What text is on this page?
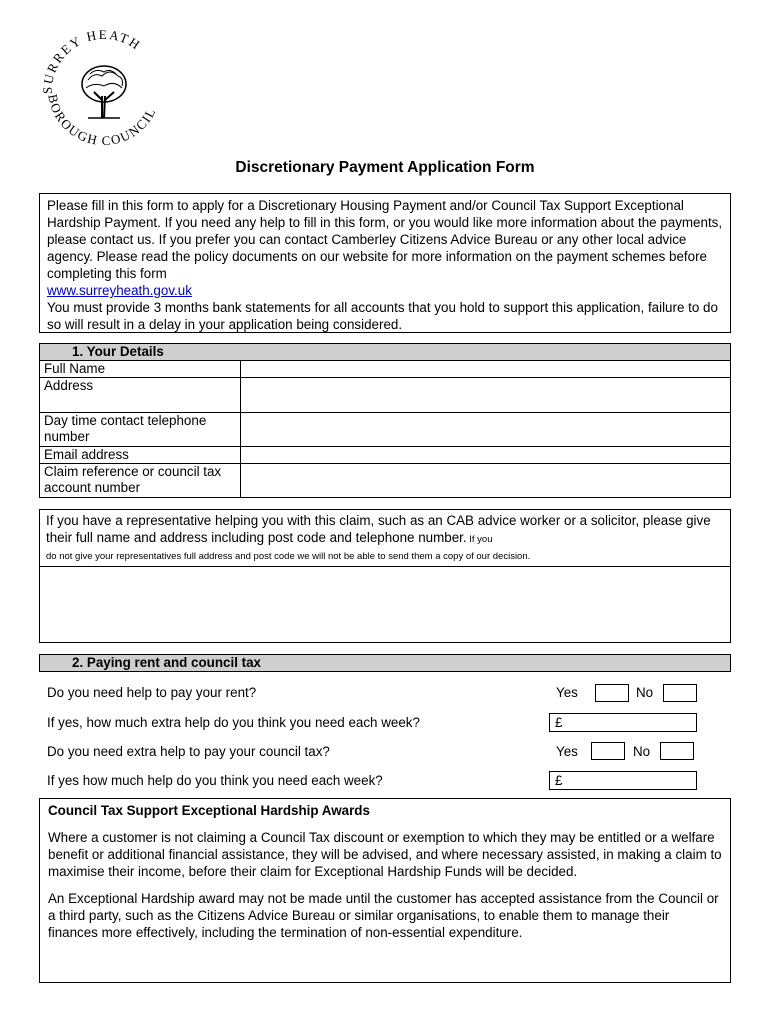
SURREY HEATH
BOROUGH COUNCIL
Discretionary Payment Application Form
Please fill in this form to apply for a Discretionary Housing Payment and/or Council Tax Support Exceptional Hardship Payment. If you need any help to fill in this form, or you would like more information about the payments, please contact us. If you prefer you can contact Camberley Citizens Advice Bureau or any other local advice agency. Please read the policy documents on our website for more information on the payment schemes before completing this form
www.surreyheath.gov.uk
You must provide 3 months bank statements for all accounts that you hold to support this application, failure to do so will result in a delay in your application being considered.
1. Your Details	
Full Name	
Address	
Day time contact telephone number	
Email address	
Claim reference or council tax account number	
If you have a representative helping you with this claim, such as an CAB advice worker or a solicitor, please give their full name and address including post code and telephone number. If you
do not give your representatives full address and post code we will not be able to send them a copy of our decision.
2. Paying rent and council tax
Do you need help to pay your rent?	Yes	No
If yes, how much extra help do you think you need each week?	£
Do you need extra help to pay your council tax?	Yes	No
If yes how much help do you think you need each week?	£

Council Tax Support Exceptional Hardship Awards

Where a customer is not claiming a Council Tax discount or exemption to which they may be entitled or a welfare benefit or additional financial assistance, they will be advised, and where necessary assisted, in making a claim to maximise their income, before their claim for Exceptional Hardship Funds will be decided.

An Exceptional Hardship award may not be made until the customer has accepted assistance from the Council or a third party, such as the Citizens Advice Bureau or similar organisations, to enable them to manage their finances more effectively, including the termination of non-essential expenditure.
